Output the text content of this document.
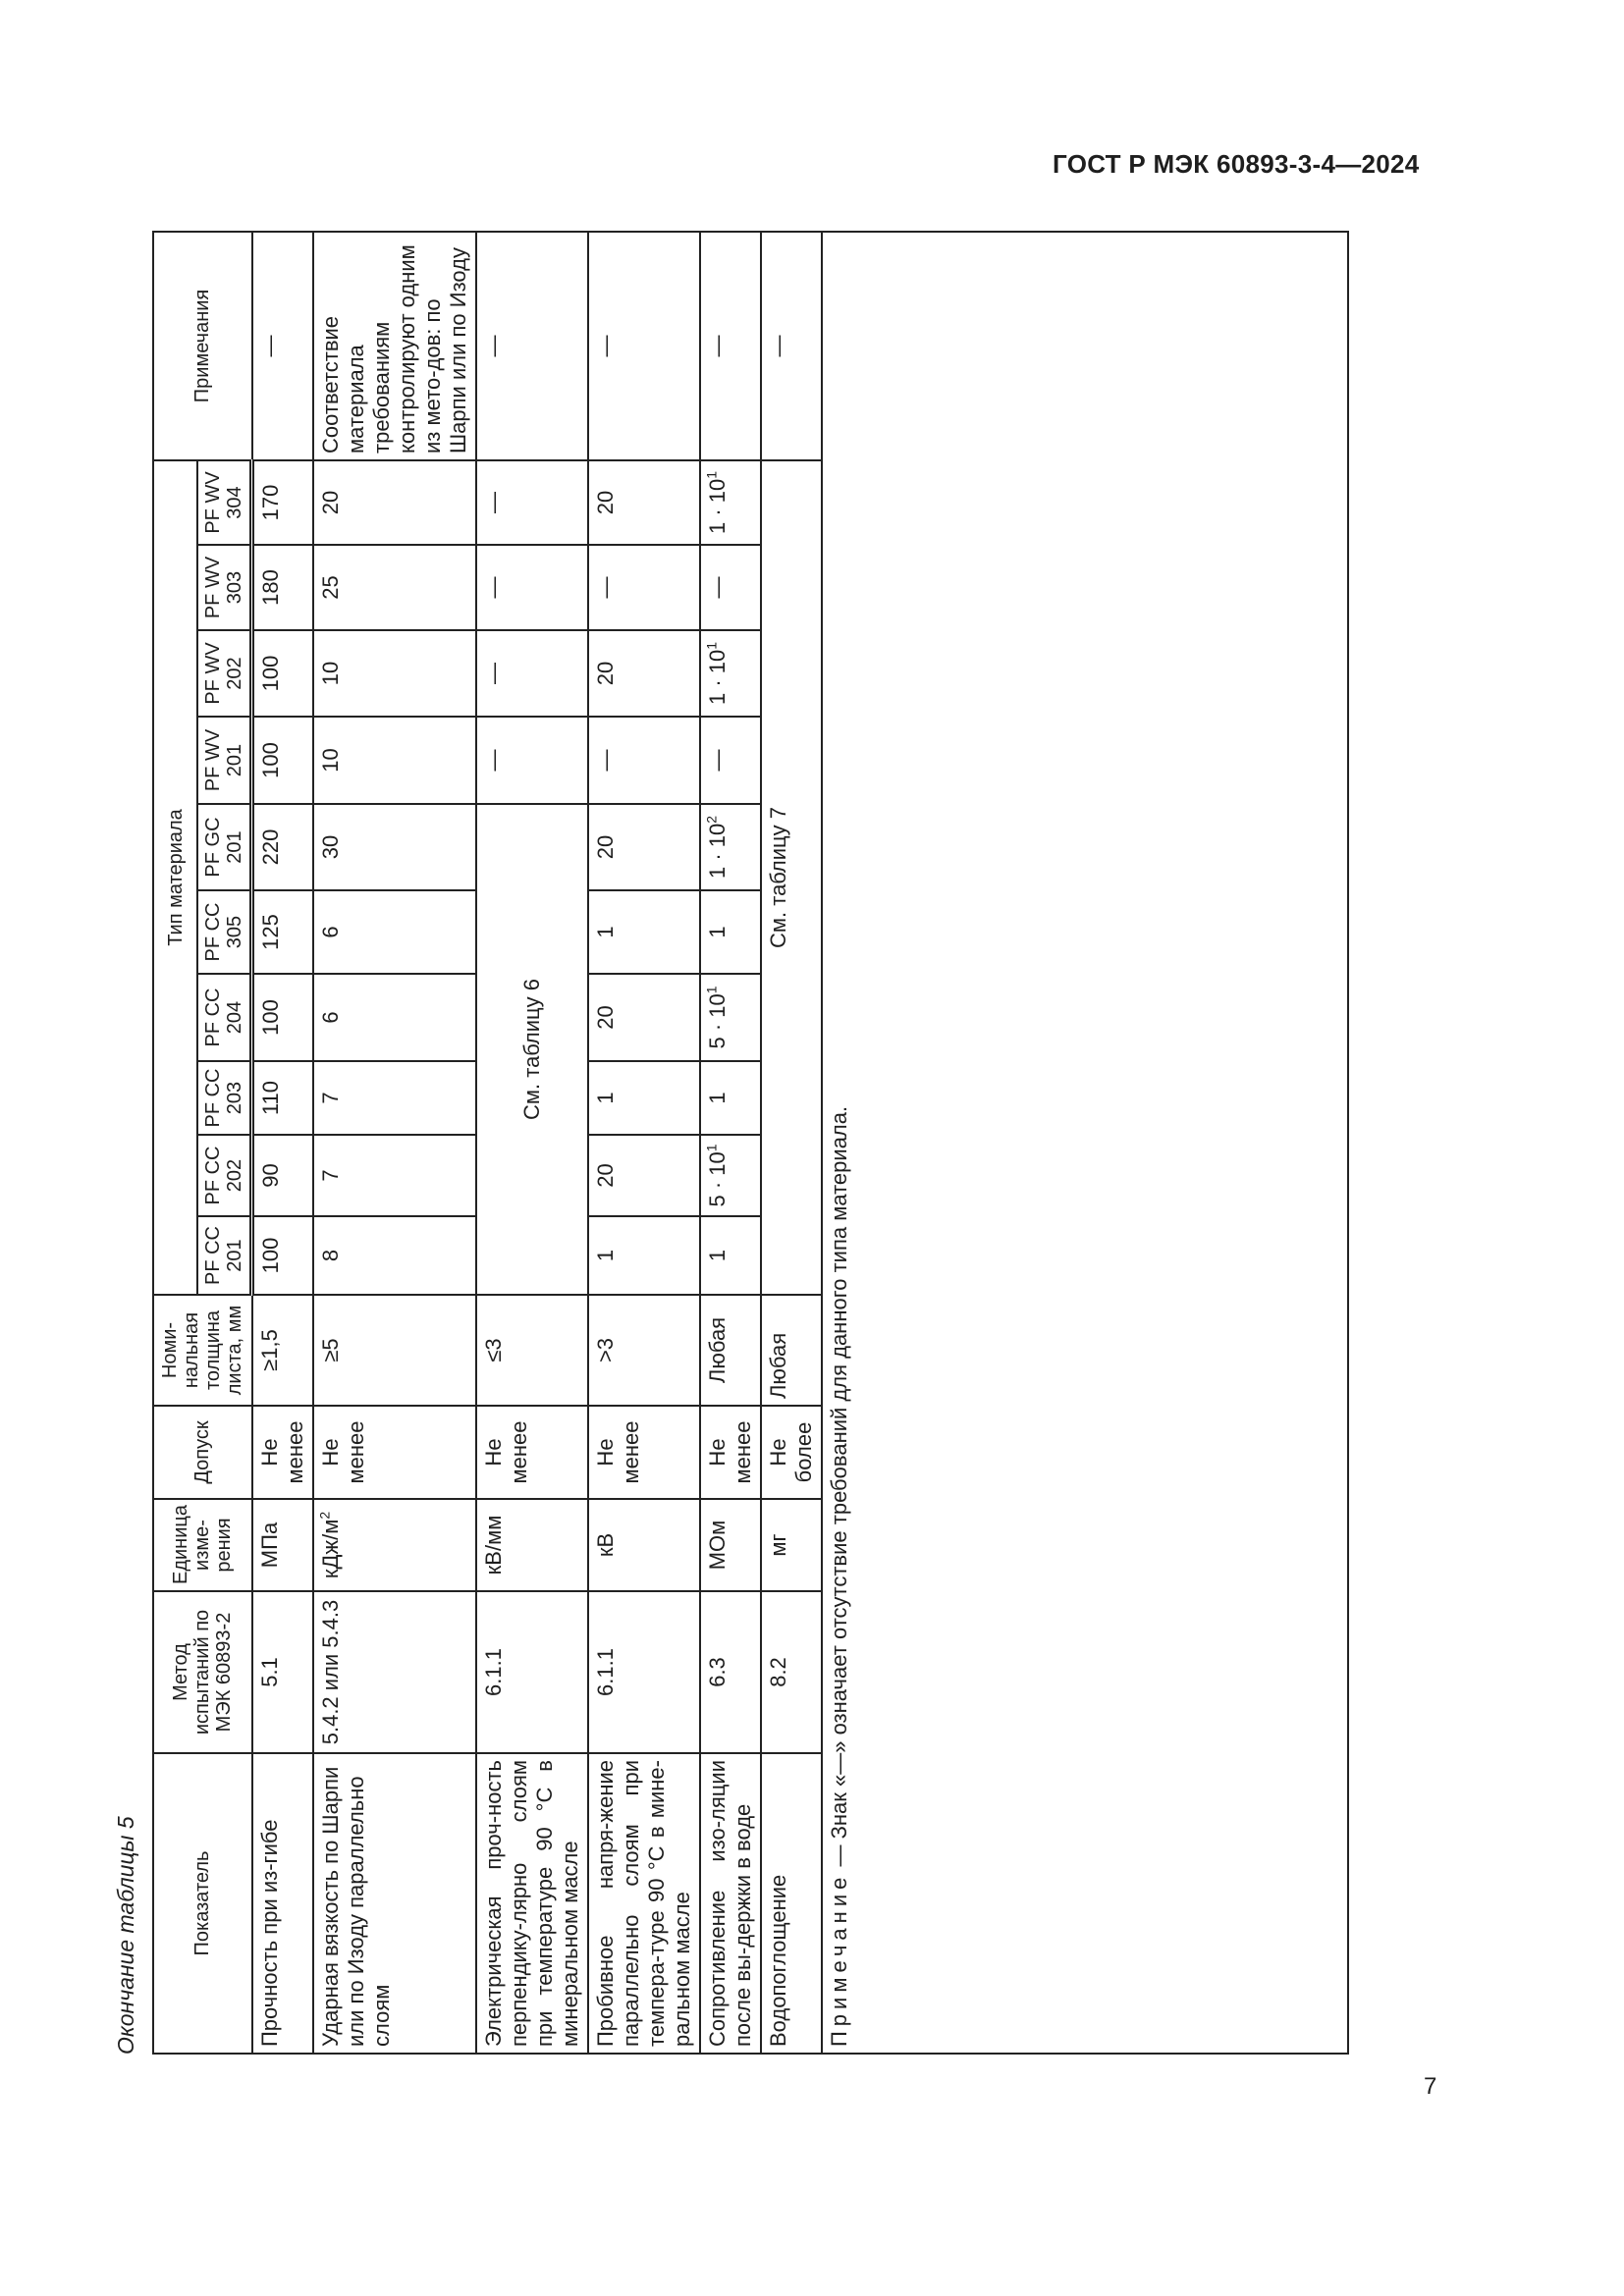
ГОСТ Р МЭК 60893-3-4—2024
Окончание таблицы 5	Показатель	Метод испытаний по МЭК 60893-2	Единица изме-рения	Допуск	Номи-нальная толщина листа, мм	Тип материала										Примечания
					PF CC 201	PF CC 202	PF CC 203	PF CC 204	PF CC 305	PF GC 201	PF WV 201	PF WV 202	PF WV 303	PF WV 304	
Прочность при из-гибе	5.1	МПа	Не менее	≥1,5	100	90	110	100	125	220	100	100	180	170	—
Ударная вязкость по Шарпи или по Изоду параллельно слоям	5.4.2 или 5.4.3	кДж/$м^2$	Не менее	≥5	8	7	7	6	6	30	10	10	25	20	Соответствие материала требованиям контролируют одним из мето-дов: по Шарпи или по Изоду
Электрическая проч-ность перпендику-лярно слоям при температуре 90 °С в минеральном масле	6.1.1	кВ/мм	Не менее	≤3	См. таблицу 6						—	—	—	—	—
Пробивное напря-жение параллельно слоям при темпера-туре 90 °С в мине-ральном масле	6.1.1	кВ	Не менее	>3	1	20	1	20	1	20	—	20	—	20	—
Сопротивление изо-ляции после вы-держки в воде	6.3	МОм	Не менее	Любая	1	$5 \cdot 10^1$	1	$5 \cdot 10^1$	1	$1 \cdot 10^2$	—	$1 \cdot 10^1$	—	$1 \cdot 10^1$	—
Водопоглощение	8.2	мг	Не более	Любая	См. таблицу 7										—
Примечание — Знак «—» означает отсутствие требований для данного типа материала.															
7
